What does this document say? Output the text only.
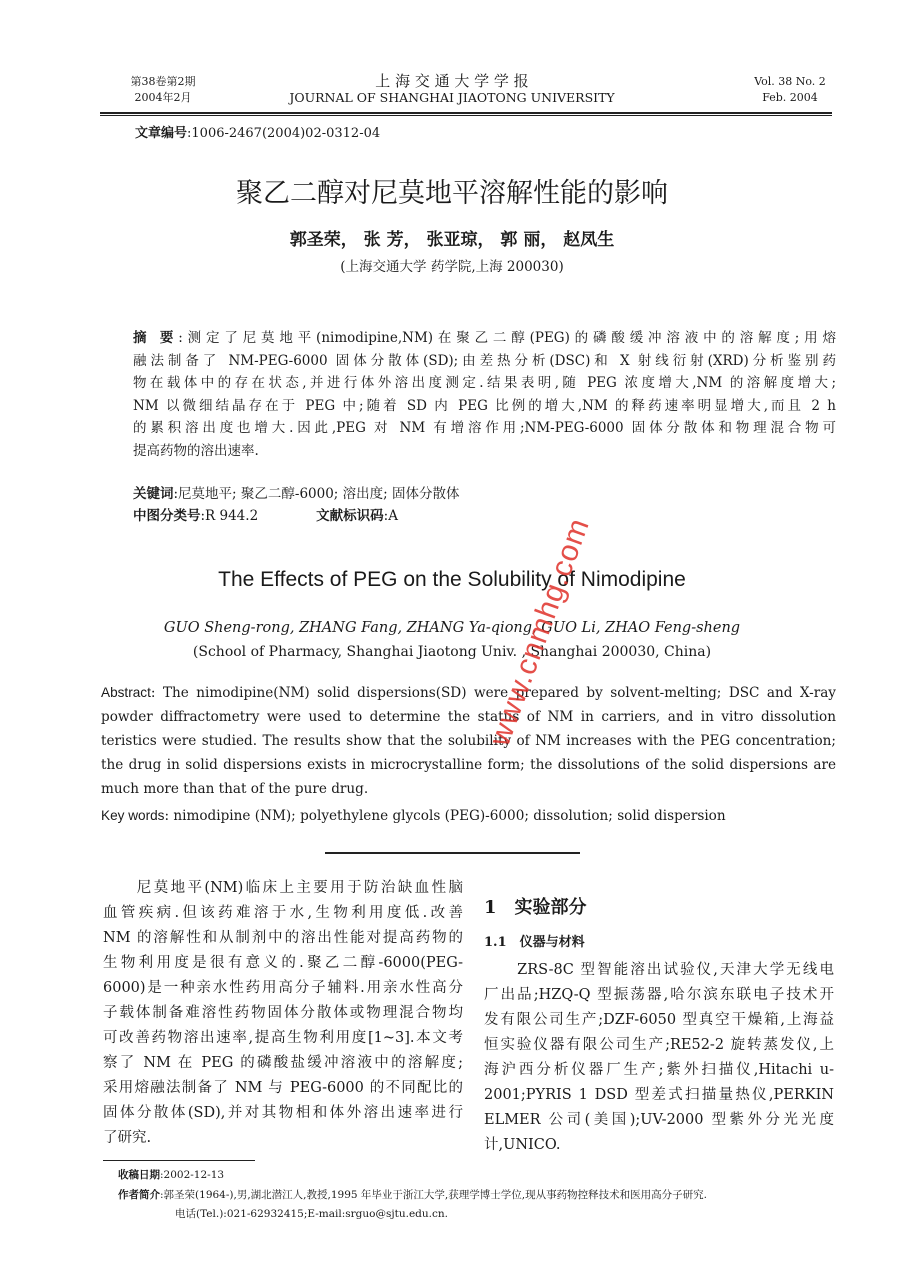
第38卷第2期
2004年2月
上 海 交 通 大 学 学 报
JOURNAL OF SHANGHAI JIAOTONG UNIVERSITY
Vol. 38 No. 2
Feb. 2004
文章编号:1006-2467(2004)02-0312-04
聚乙二醇对尼莫地平溶解性能的影响
郭圣荣， 张 芳， 张亚琼， 郭 丽， 赵凤生
(上海交通大学 药学院,上海 200030)
摘 要:测定了尼莫地平(nimodipine,NM)在聚乙二醇(PEG)的磷酸缓冲溶液中的溶解度;用熔
融法制备了 NM-PEG-6000 固体分散体(SD);由差热分析(DSC)和 X 射线衍射(XRD)分析鉴别药
物在载体中的存在状态,并进行体外溶出度测定.结果表明,随 PEG 浓度增大,NM 的溶解度增大;
NM 以微细结晶存在于 PEG 中;随着 SD 内 PEG 比例的增大,NM 的释药速率明显增大,而且 2 h
的累积溶出度也增大.因此,PEG 对 NM 有增溶作用;NM-PEG-6000 固体分散体和物理混合物可
提高药物的溶出速率.
关键词:尼莫地平; 聚乙二醇-6000; 溶出度; 固体分散体
中图分类号:R 944.2	文献标识码:A
The Effects of PEG on the Solubility of Nimodipine
GUO Sheng-rong, ZHANG Fang, ZHANG Ya-qiong, GUO Li, ZHAO Feng-sheng
(School of Pharmacy, Shanghai Jiaotong Univ. , Shanghai 200030, China)
Abstract: The nimodipine(NM) solid dispersions(SD) were prepared by solvent-melting; DSC and X-ray
powder diffractometry were used to determine the status of NM in carriers, and in vitro dissolution
teristics were studied. The results show that the solubility of NM increases with the PEG concentration;
the drug in solid dispersions exists in microcrystalline form; the dissolutions of the solid dispersions are
much more than that of the pure drug.
Key words: nimodipine (NM); polyethylene glycols (PEG)-6000; dissolution; solid dispersion
　　尼莫地平(NM)临床上主要用于防治缺血性脑
血管疾病.但该药难溶于水,生物利用度低.改善
NM 的溶解性和从制剂中的溶出性能对提高药物的
生物利用度是很有意义的.聚乙二醇-6000(PEG-
6000)是一种亲水性药用高分子辅料.用亲水性高分
子载体制备难溶性药物固体分散体或物理混合物均
可改善药物溶出速率,提高生物利用度[1~3].本文考
察了 NM 在 PEG 的磷酸盐缓冲溶液中的溶解度;
采用熔融法制备了 NM 与 PEG-6000 的不同配比的
固体分散体(SD),并对其物相和体外溶出速率进行
了研究.
1　实验部分
1.1　仪器与材料
　　ZRS-8C 型智能溶出试验仪,天津大学无线电
厂出品;HZQ-Q 型振荡器,哈尔滨东联电子技术开
发有限公司生产;DZF-6050 型真空干燥箱,上海益
恒实验仪器有限公司生产;RE52-2 旋转蒸发仪,上
海沪西分析仪器厂生产;紫外扫描仪,Hitachi u-
2001;PYRIS 1 DSD 型差式扫描量热仪,PERKIN
ELMER 公司(美国);UV-2000 型紫外分光光度
计,UNICO.
收稿日期:2002-12-13
作者简介:郭圣荣(1964-),男,湖北潜江人,教授,1995 年毕业于浙江大学,获理学博士学位,现从事药物控释技术和医用高分子研究.
电话(Tel.):021-62932415;E-mail:srguo@sjtu.edu.cn.
www.cnmhg.com
